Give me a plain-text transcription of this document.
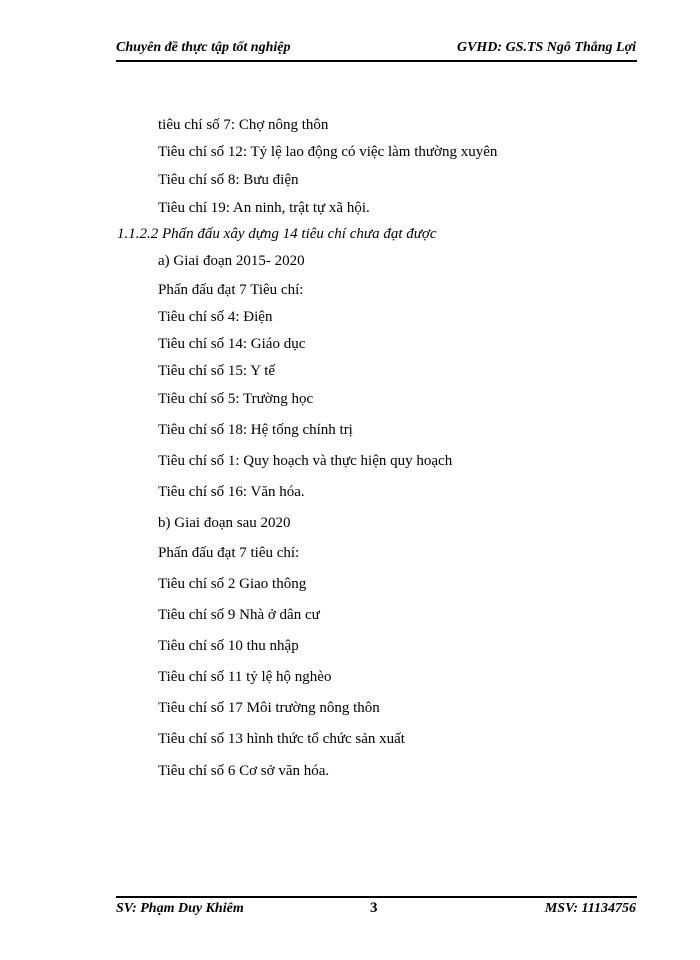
Chuyên đề thực tập tốt nghiệp	GVHD: GS.TS Ngô Thắng Lợi
tiêu chí số 7: Chợ nông thôn
Tiêu chí số 12: Tỷ lệ lao động có việc làm thường xuyên
Tiêu chí số 8: Bưu điện
Tiêu chí 19: An ninh, trật tự xã hội.
1.1.2.2 Phấn đấu xây dựng 14 tiêu chí chưa đạt được
a) Giai đoạn 2015- 2020
Phấn đấu đạt 7 Tiêu chí:
Tiêu chí số 4: Điện
Tiêu chí số 14: Giáo dục
Tiêu chí số 15: Y tế
Tiêu chí số 5: Trường học
Tiêu chí số 18: Hệ tống chính trị
Tiêu chí số 1: Quy hoạch và thực hiện quy hoạch
Tiêu chí số 16: Văn hóa.
b) Giai đoạn sau 2020
Phấn đấu đạt 7 tiêu chí:
Tiêu chí số 2 Giao thông
Tiêu chí số 9 Nhà ở dân cư
Tiêu chí số 10 thu nhập
Tiêu chí số 11 tỷ lệ hộ nghèo
Tiêu chí số 17 Môi trường nông thôn
Tiêu chí số 13 hình thức tổ chức sản xuất
Tiêu chí số 6 Cơ sở văn hóa.
SV: Phạm Duy Khiêm	3	MSV: 11134756
